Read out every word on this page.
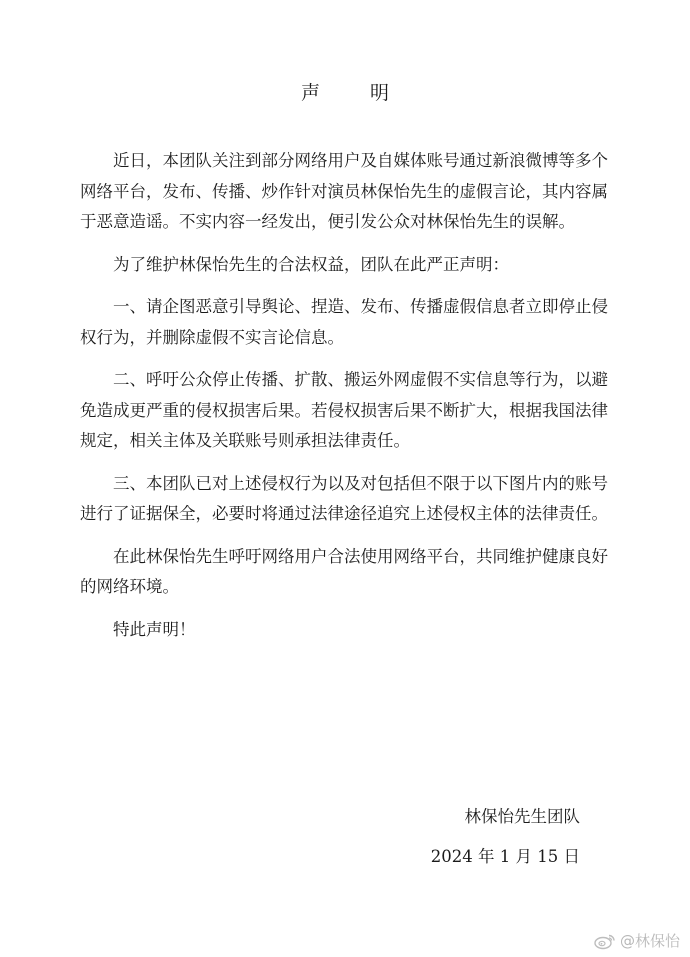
声 明

近日，本团队关注到部分网络用户及自媒体账号通过新浪微博等多个网络平台，发布、传播、炒作针对演员林保怡先生的虚假言论，其内容属于恶意造谣。不实内容一经发出，便引发公众对林保怡先生的误解。

为了维护林保怡先生的合法权益，团队在此严正声明：

一、请企图恶意引导舆论、捏造、发布、传播虚假信息者立即停止侵权行为，并删除虚假不实言论信息。

二、呼吁公众停止传播、扩散、搬运外网虚假不实信息等行为，以避免造成更严重的侵权损害后果。若侵权损害后果不断扩大，根据我国法律规定，相关主体及关联账号则承担法律责任。

三、本团队已对上述侵权行为以及对包括但不限于以下图片内的账号进行了证据保全，必要时将通过法律途径追究上述侵权主体的法律责任。

在此林保怡先生呼吁网络用户合法使用网络平台，共同维护健康良好的网络环境。

特此声明！

林保怡先生团队
2024 年 1 月 15 日
@林保怡
